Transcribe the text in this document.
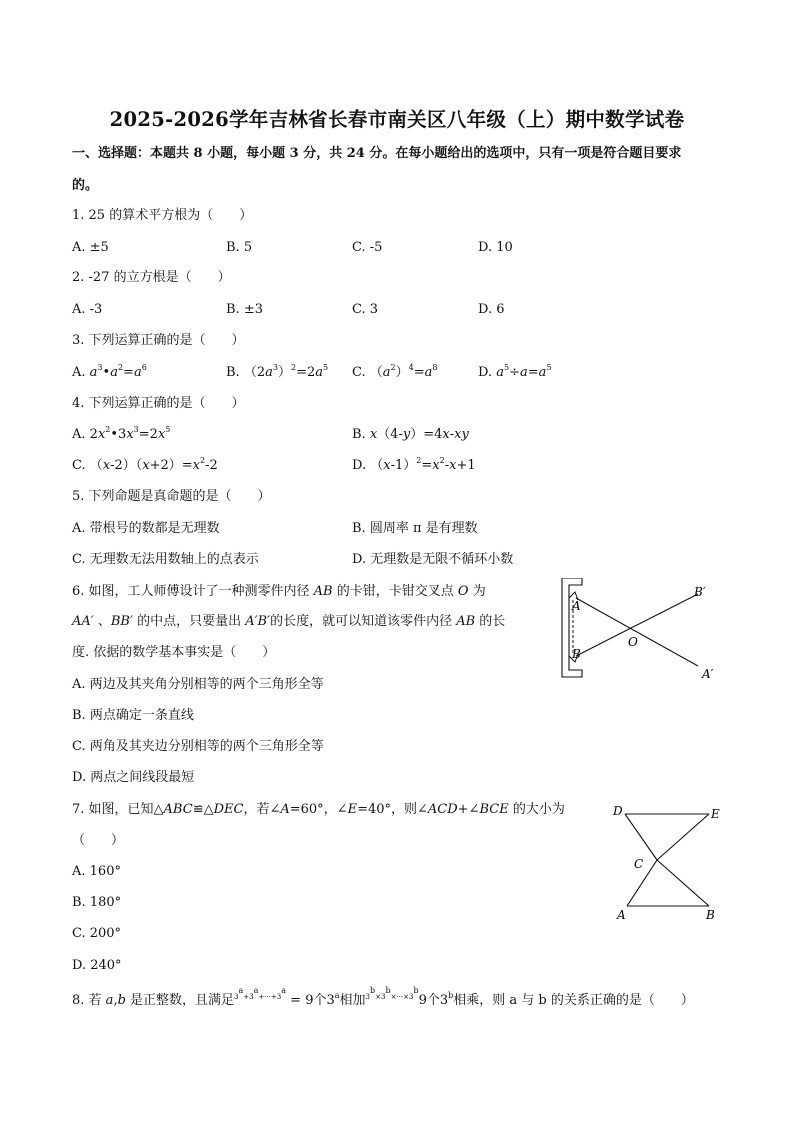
2025-2026学年吉林省长春市南关区八年级（上）期中数学试卷
一、选择题：本题共 8 小题，每小题 3 分，共 24 分。在每小题给出的选项中，只有一项是符合题目要求
的。
1. 25 的算术平方根为（　　）
A. ±5	B. 5	C. -5	D. 10
2. -27 的立方根是（　　）
A. -3	B. ±3	C. 3	D. 6
3. 下列运算正确的是（　　）
A. $a^3•a^2=a^6$	B. $(2a^3)^2=2a^5$ C. $(a^2)^4=a^8$	D. $a^5\div a=a^5$
4. 下列运算正确的是（　　）
A. $2x^2•3x^3=2x^5$	B. x（4-y）=4x-xy
C. $(x-2)(x+2)=x^2-2$	D. $(x-1)^2=x^2-x+1$
5. 下列命题是真命题的是（　　）
A. 带根号的数都是无理数	B. 圆周率 π 是有理数
C. 无理数无法用数轴上的点表示	D. 无理数是无限不循环小数
6. 如图，工人师傅设计了一种测零件内径 AB 的卡钳，卡钳交叉点 O 为
AA′ 、BB′ 的中点，只要量出 A′B′的长度，就可以知道该零件内径 AB 的长
度. 依据的数学基本事实是（　　）
A. 两边及其夹角分别相等的两个三角形全等
B. 两点确定一条直线
C. 两角及其夹边分别相等的两个三角形全等
D. 两点之间线段最短
A
B
O
B′
A′
7. 如图，已知△ABC≌△DEC，若∠A=60°，∠E=40°，则∠ACD+∠BCE 的大小为
（　　）
A. 160°
B. 180°
C. 200°
D. 240°
D	E
C
A	B
8. 若 a,b 是正整数，且满足$^{3^a+3^a+\cdot\cdot\cdot+3^a}$ = 9个3$^a$相加$^{3^b\times 3^b\times\cdot\cdot\cdot\times 3^b}$9个3$^b$相乘，则 a 与 b 的关系正确的是（　　）
